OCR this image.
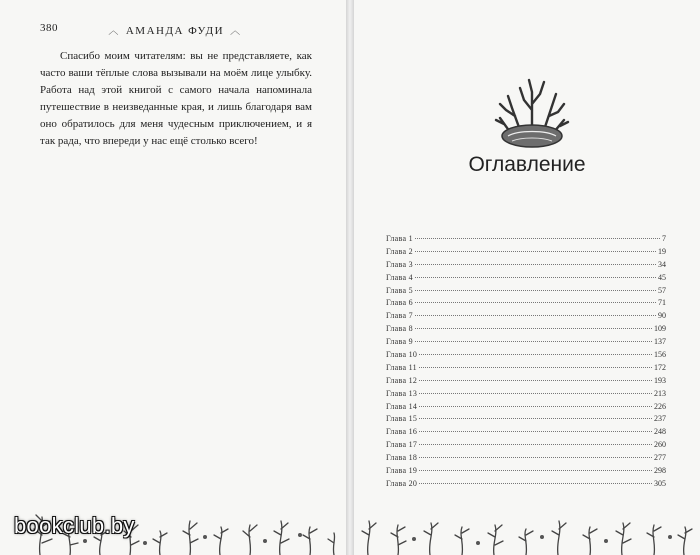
380	︿ АМАНДА ФУДИ ︿

Спасибо моим читателям: вы не представляете, как часто ваши тёплые слова вызывали на моём лице улыбку. Работа над этой книгой с самого начала напоминала путешествие в неизведанные края, и лишь благодаря вам оно обратилось для меня чудесным приключением, и я так рада, что впереди у нас ещё столько всего!

Оглавление
Глава 1	7
Глава 2	19
Глава 3	34
Глава 4	45
Глава 5	57
Глава 6	71
Глава 7	90
Глава 8	109
Глава 9	137
Глава 10	156
Глава 11	172
Глава 12	193
Глава 13	213
Глава 14	226
Глава 15	237
Глава 16	248
Глава 17	260
Глава 18	277
Глава 19	298
Глава 20	305
bookclub.by
